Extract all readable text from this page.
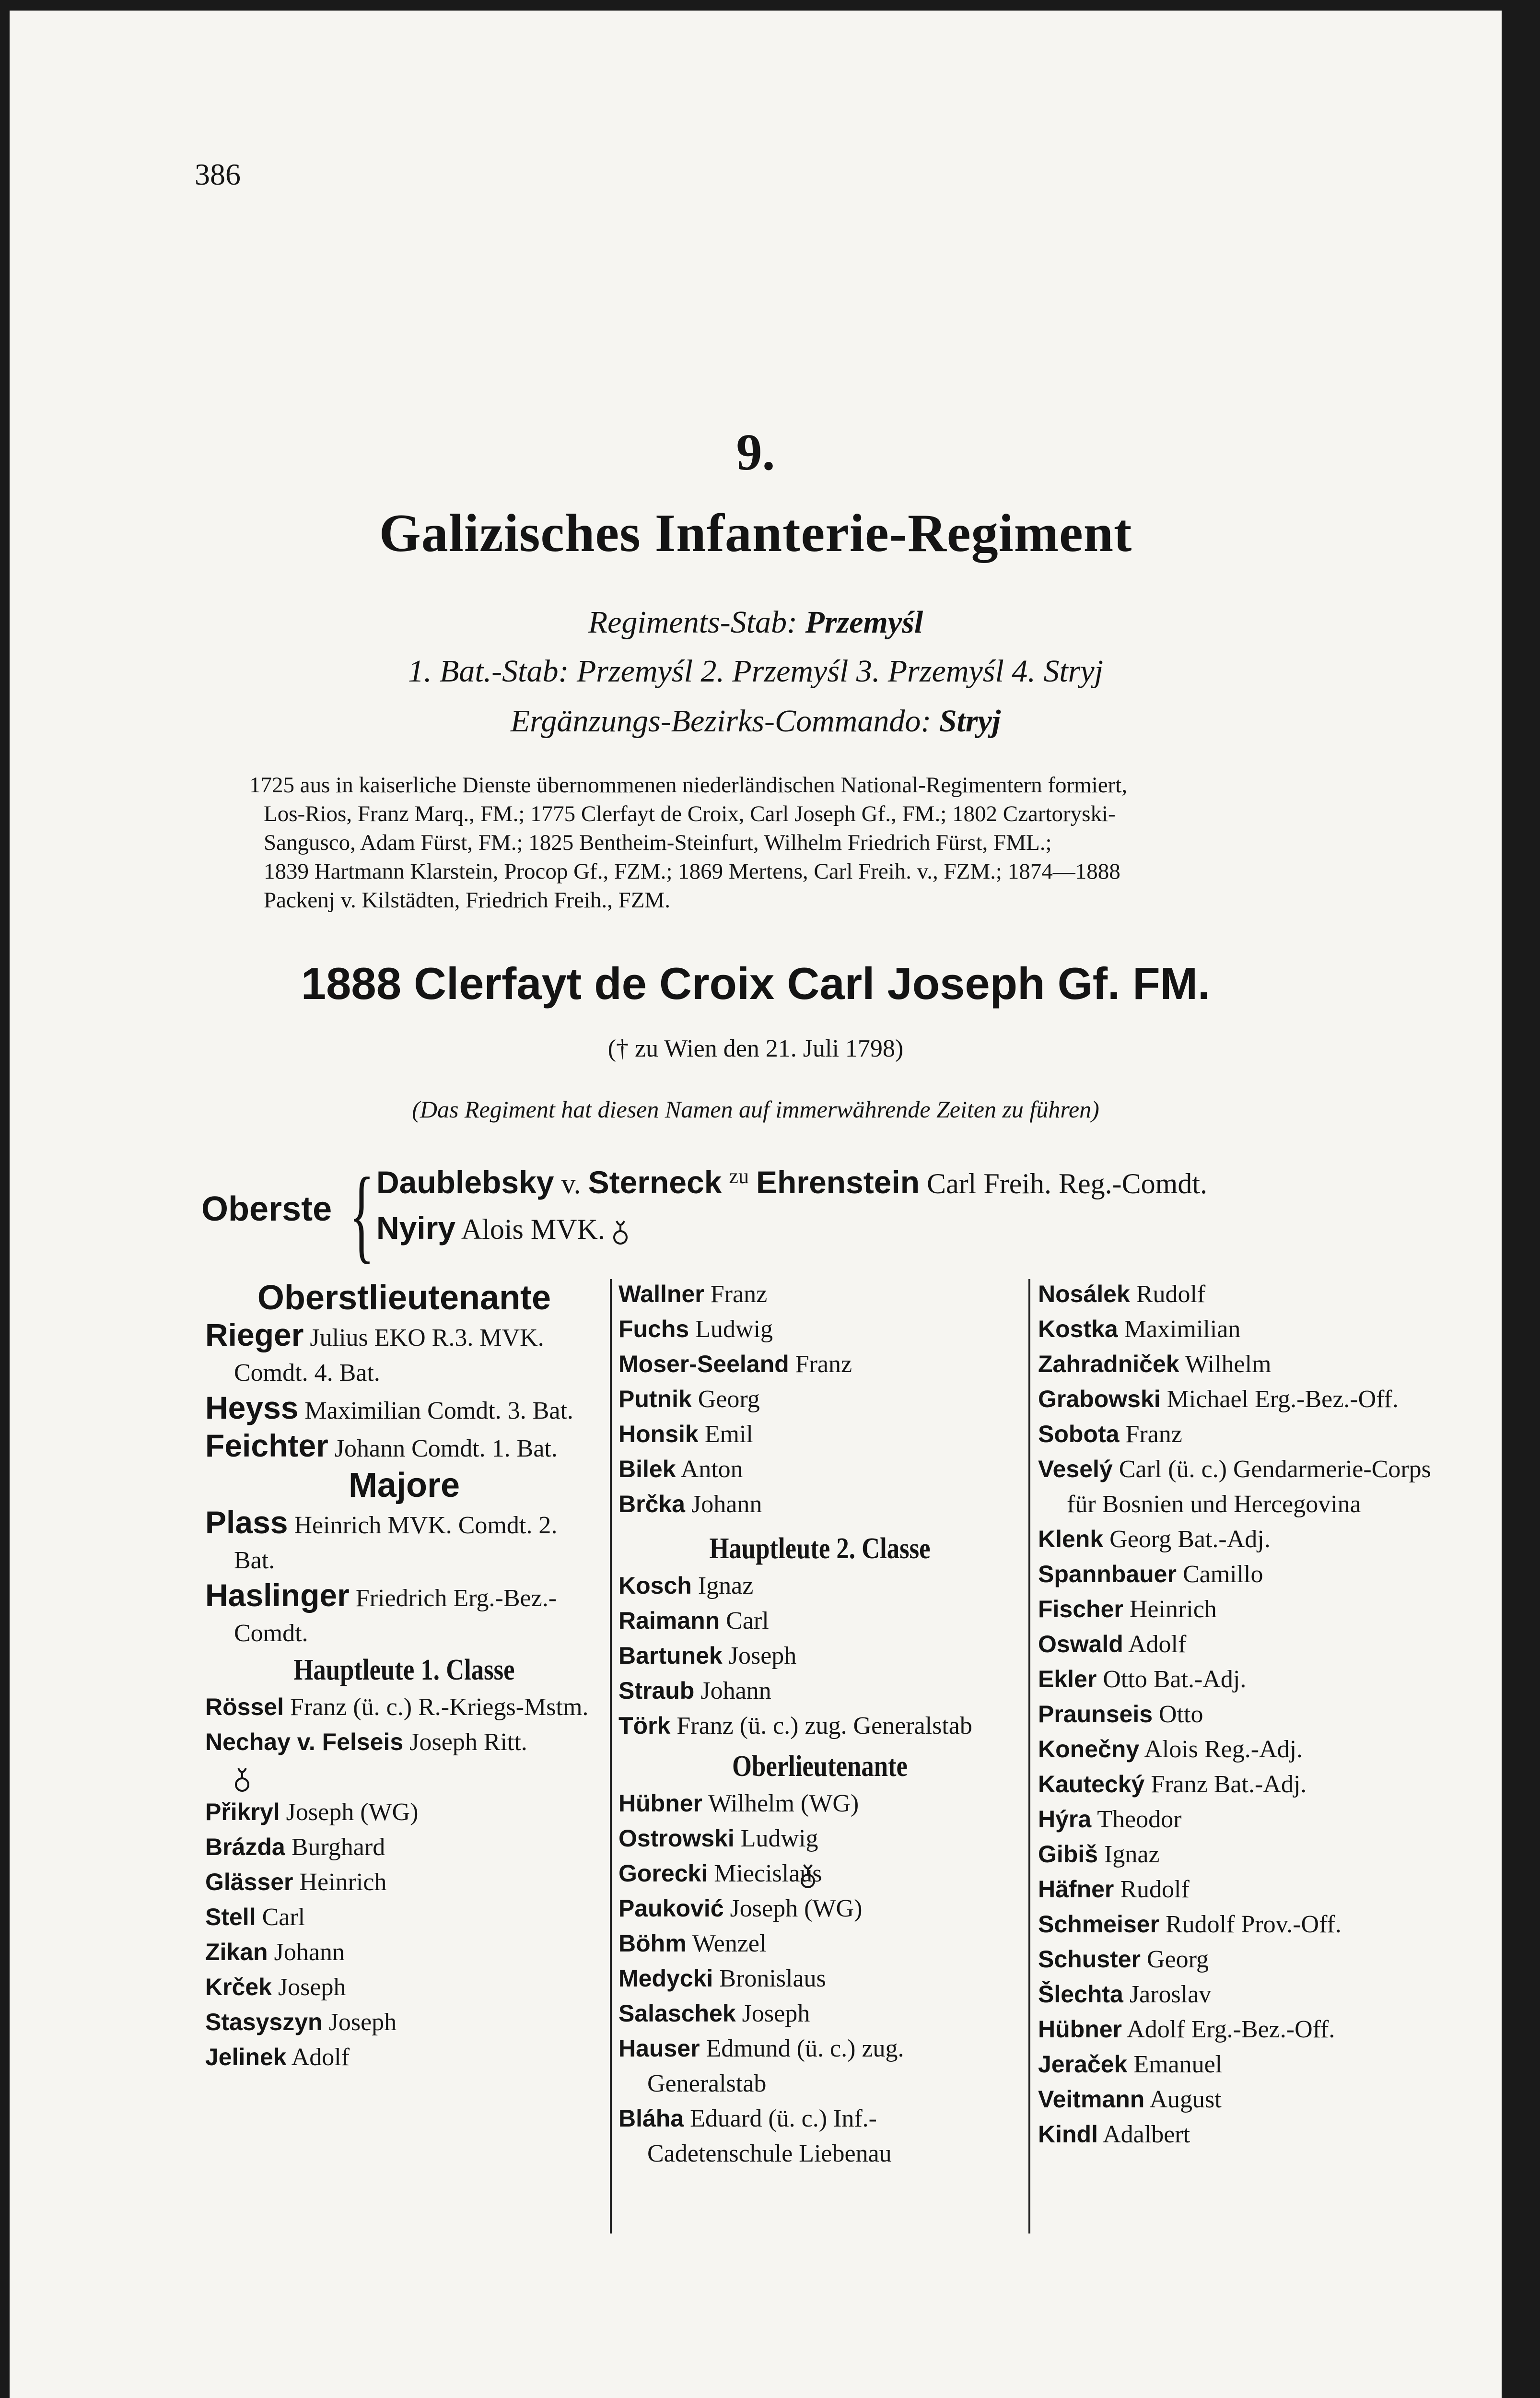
386
9.
Galizisches Infanterie-Regiment
Regiments-Stab: Przemyśl
1. Bat.-Stab: Przemyśl 2. Przemyśl 3. Przemyśl 4. Stryj
Ergänzungs-Bezirks-Commando: Stryj
1725 aus in kaiserliche Dienste übernommenen niederländischen National-Regimentern formiert,
Los-Rios, Franz Marq., FM.; 1775 Clerfayt de Croix, Carl Joseph Gf., FM.; 1802 Czartoryski-
Sangusco, Adam Fürst, FM.; 1825 Bentheim-Steinfurt, Wilhelm Friedrich Fürst, FML.;
1839 Hartmann Klarstein, Procop Gf., FZM.; 1869 Mertens, Carl Freih. v., FZM.; 1874—1888
Packenj v. Kilstädten, Friedrich Freih., FZM.
1888 Clerfayt de Croix Carl Joseph Gf. FM.
(† zu Wien den 21. Juli 1798)
(Das Regiment hat diesen Namen auf immerwährende Zeiten zu führen)
Oberste { Daublebsky v. Sterneck $^{zu}$ Ehrenstein Carl Freih. Reg.-Comdt.
Nyiry Alois MVK.
Oberstlieutenante
Rieger Julius EKO R.3. MVK. Comdt. 4. Bat.
Heyss Maximilian Comdt. 3. Bat.
Feichter Johann Comdt. 1. Bat.
Majore
Plass Heinrich MVK. Comdt. 2. Bat.
Haslinger Friedrich Erg.-Bez.-Comdt.
Hauptleute 1. Classe
Rössel Franz (ü. c.) R.-Kriegs-Mstm.
Nechay v. Felseis Joseph Ritt.
Přikryl Joseph (WG)
Brázda Burghard
Glässer Heinrich
Stell Carl
Zikan Johann
Krček Joseph
Stasyszyn Joseph
Jelinek Adolf
Wallner Franz
Fuchs Ludwig
Moser-Seeland Franz
Putnik Georg
Honsik Emil
Bilek Anton
Brčka Johann
Hauptleute 2. Classe
Kosch Ignaz
Raimann Carl
Bartunek Joseph
Straub Johann
Törk Franz (ü. c.) zug. Generalstab
Oberlieutenante
Hübner Wilhelm (WG)
Ostrowski Ludwig
Gorecki Miecislaus
Pauković Joseph (WG)
Böhm Wenzel
Medycki Bronislaus
Salaschek Joseph
Hauser Edmund (ü. c.) zug. Generalstab
Bláha Eduard (ü. c.) Inf.-Cadetenschule Liebenau
Nosálek Rudolf
Kostka Maximilian
Zahradniček Wilhelm
Grabowski Michael Erg.-Bez.-Off.
Sobota Franz
Veselý Carl (ü. c.) Gendarmerie-Corps für Bosnien und Hercegovina
Klenk Georg Bat.-Adj.
Spannbauer Camillo
Fischer Heinrich
Oswald Adolf
Ekler Otto Bat.-Adj.
Praunseis Otto
Konečny Alois Reg.-Adj.
Kautecký Franz Bat.-Adj.
Hýra Theodor
Gibiš Ignaz
Häfner Rudolf
Schmeiser Rudolf Prov.-Off.
Schuster Georg
Šlechta Jaroslav
Hübner Adolf Erg.-Bez.-Off.
Jeraček Emanuel
Veitmann August
Kindl Adalbert
